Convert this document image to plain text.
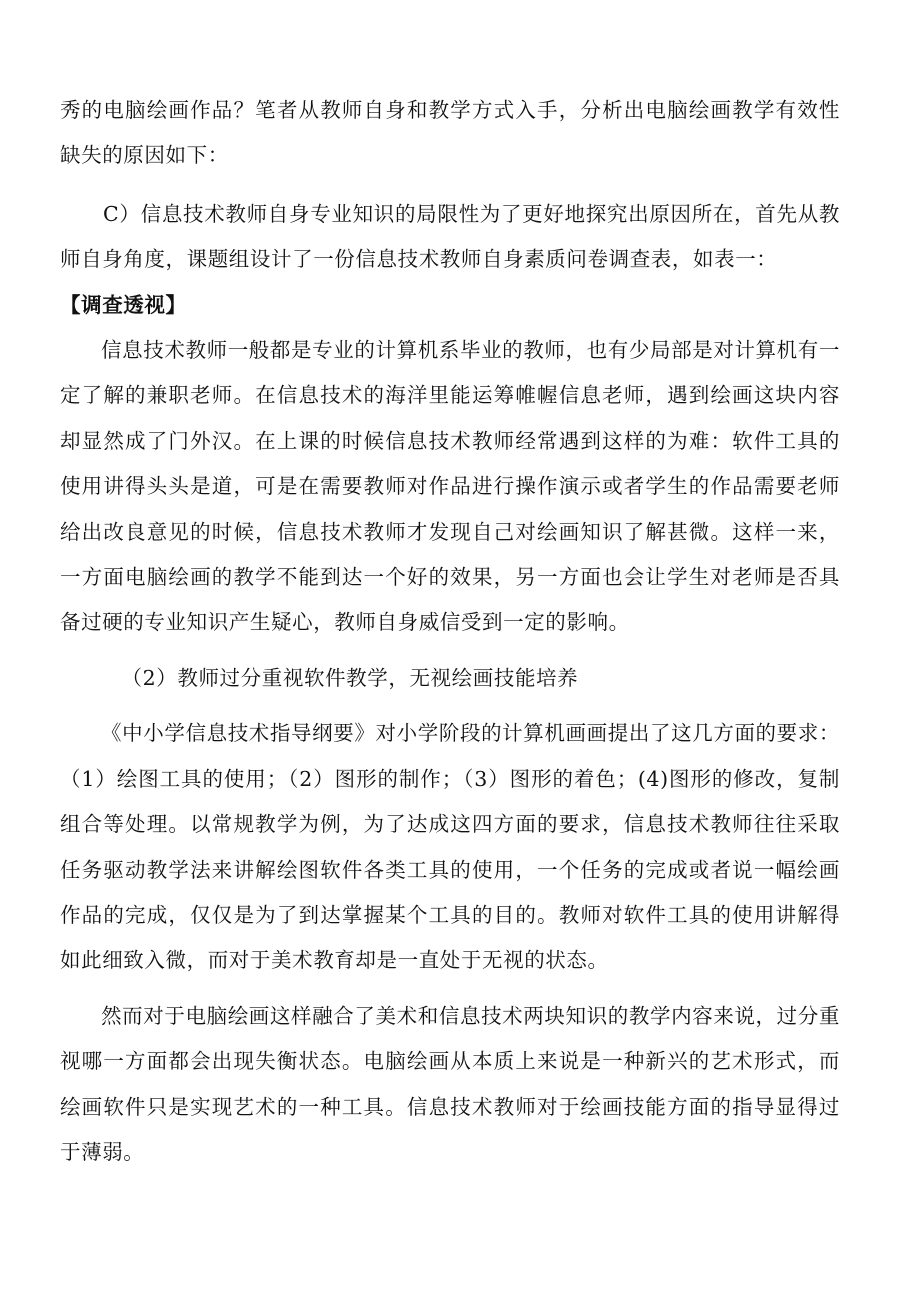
秀的电脑绘画作品？笔者从教师自身和教学方式入手，分析出电脑绘画教学有效性缺失的原因如下：

C）信息技术教师自身专业知识的局限性为了更好地探究出原因所在，首先从教师自身角度，课题组设计了一份信息技术教师自身素质问卷调查表，如表一：

【调查透视】

信息技术教师一般都是专业的计算机系毕业的教师，也有少局部是对计算机有一定了解的兼职老师。在信息技术的海洋里能运筹帷幄信息老师，遇到绘画这块内容却显然成了门外汉。在上课的时候信息技术教师经常遇到这样的为难：软件工具的使用讲得头头是道，可是在需要教师对作品进行操作演示或者学生的作品需要老师给出改良意见的时候，信息技术教师才发现自己对绘画知识了解甚微。这样一来，一方面电脑绘画的教学不能到达一个好的效果，另一方面也会让学生对老师是否具备过硬的专业知识产生疑心，教师自身威信受到一定的影响。

（2）教师过分重视软件教学，无视绘画技能培养

《中小学信息技术指导纲要》对小学阶段的计算机画画提出了这几方面的要求：（1）绘图工具的使用；（2）图形的制作；（3）图形的着色；(4)图形的修改，复制组合等处理。以常规教学为例，为了达成这四方面的要求，信息技术教师往往采取任务驱动教学法来讲解绘图软件各类工具的使用，一个任务的完成或者说一幅绘画作品的完成，仅仅是为了到达掌握某个工具的目的。教师对软件工具的使用讲解得如此细致入微，而对于美术教育却是一直处于无视的状态。

然而对于电脑绘画这样融合了美术和信息技术两块知识的教学内容来说，过分重视哪一方面都会出现失衡状态。电脑绘画从本质上来说是一种新兴的艺术形式，而绘画软件只是实现艺术的一种工具。信息技术教师对于绘画技能方面的指导显得过于薄弱。
